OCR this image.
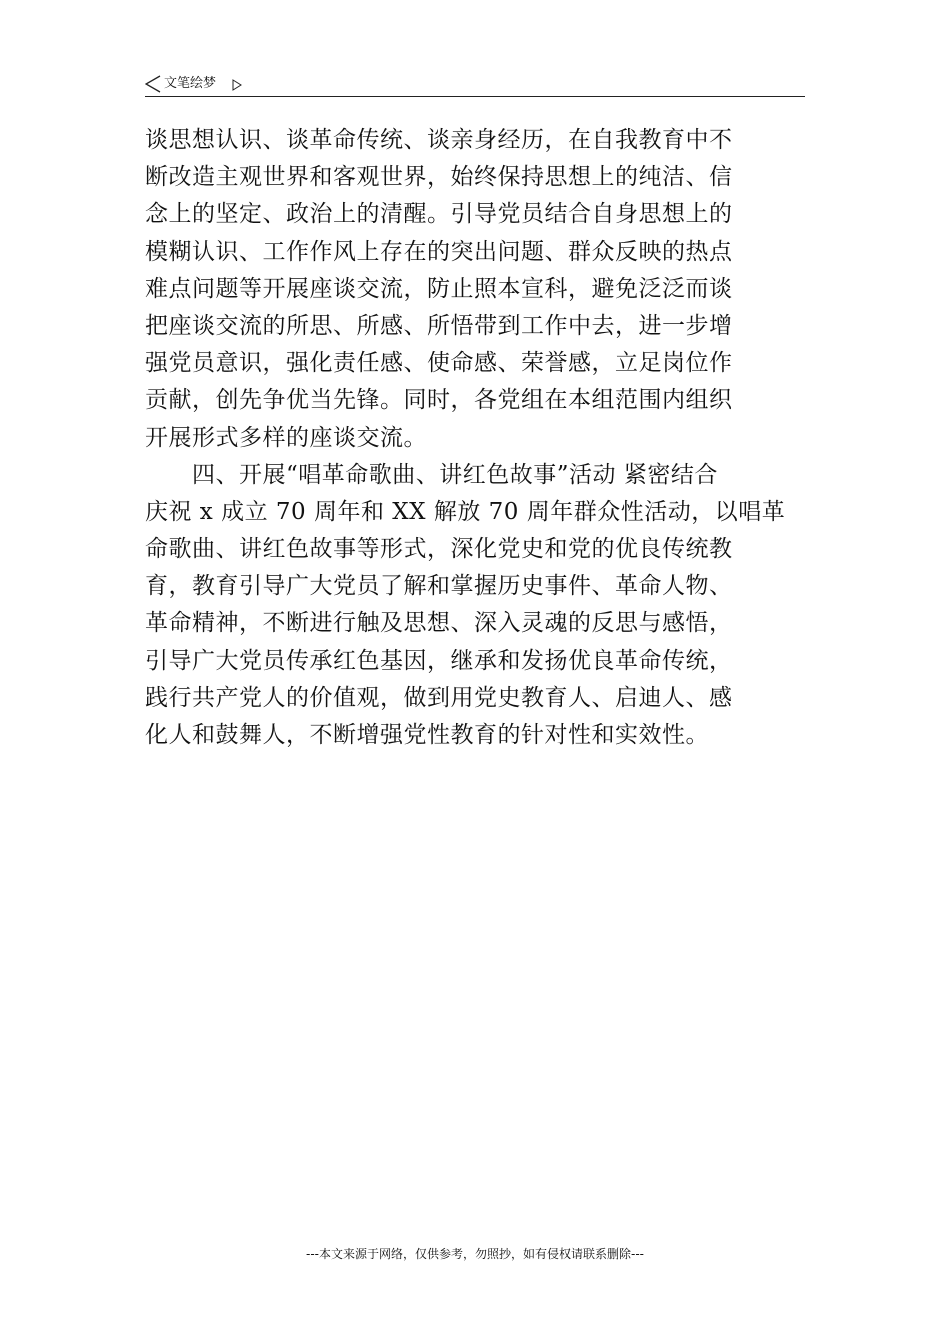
文笔绘梦
谈思想认识、谈革命传统、谈亲身经历，在自我教育中不
断改造主观世界和客观世界，始终保持思想上的纯洁、信
念上的坚定、政治上的清醒。引导党员结合自身思想上的
模糊认识、工作作风上存在的突出问题、群众反映的热点
难点问题等开展座谈交流，防止照本宣科，避免泛泛而谈
把座谈交流的所思、所感、所悟带到工作中去，进一步增
强党员意识，强化责任感、使命感、荣誉感，立足岗位作
贡献，创先争优当先锋。同时，各党组在本组范围内组织
开展形式多样的座谈交流。
　　四、开展“唱革命歌曲、讲红色故事”活动 紧密结合
庆祝 x 成立 70 周年和 XX 解放 70 周年群众性活动，以唱革
命歌曲、讲红色故事等形式，深化党史和党的优良传统教
育，教育引导广大党员了解和掌握历史事件、革命人物、
革命精神，不断进行触及思想、深入灵魂的反思与感悟，
引导广大党员传承红色基因，继承和发扬优良革命传统，
践行共产党人的价值观，做到用党史教育人、启迪人、感
化人和鼓舞人，不断增强党性教育的针对性和实效性。
---本文来源于网络，仅供参考，勿照抄，如有侵权请联系删除---
